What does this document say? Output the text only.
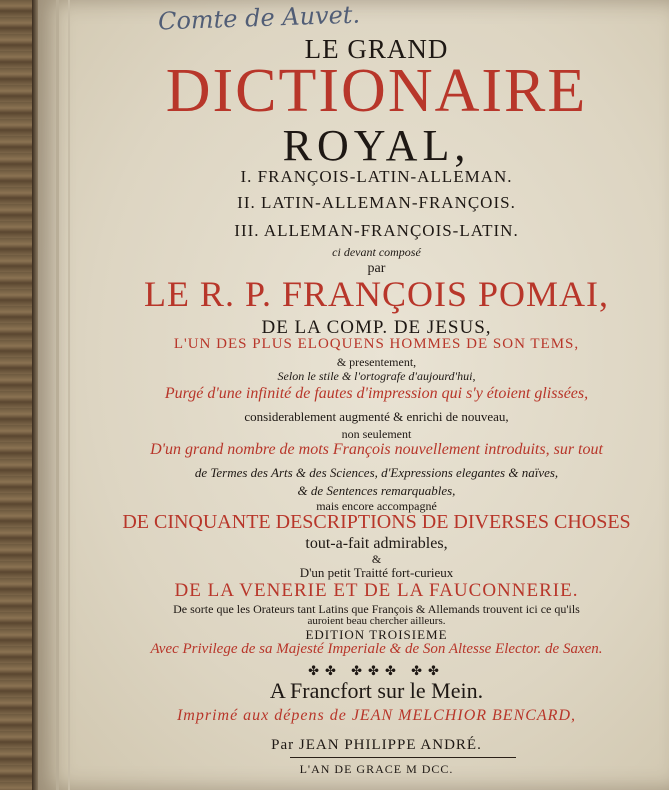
Comte de Auvet.
LE GRAND
DICTIONAIRE
ROYAL,
I. FRANÇOIS-LATIN-ALLEMAN.
II. LATIN-ALLEMAN-FRANÇOIS.
III. ALLEMAN-FRANÇOIS-LATIN.
ci devant composé
par
LE R. P. FRANÇOIS POMAI,
DE LA COMP. DE JESUS,
L'UN DES PLUS ELOQUENS HOMMES DE SON TEMS,
& presentement,
Selon le stile & l'ortografe d'aujourd'hui,
Purgé d'une infinité de fautes d'impression qui s'y étoient glissées,
considerablement augmenté & enrichi de nouveau,
non seulement
D'un grand nombre de mots François nouvellement introduits, sur tout
de Termes des Arts & des Sciences, d'Expressions elegantes & naïves,
& de Sentences remarquables,
mais encore accompagné
DE CINQUANTE DESCRIPTIONS DE DIVERSES CHOSES
tout-a-fait admirables,
&
D'un petit Traitté fort-curieux
DE LA VENERIE ET DE LA FAUCONNERIE.
De sorte que les Orateurs tant Latins que François & Allemands trouvent ici ce qu'ils
auroient beau chercher ailleurs.
EDITION TROISIEME
Avec Privilege de sa Majesté Imperiale & de Son Altesse Elector. de Saxen.
✤✤ ✤✤✤ ✤✤
A Francfort sur le Mein.
Imprimé aux dépens de JEAN MELCHIOR BENCARD,
Par JEAN PHILIPPE ANDRÉ.
L'AN DE GRACE M DCC.
